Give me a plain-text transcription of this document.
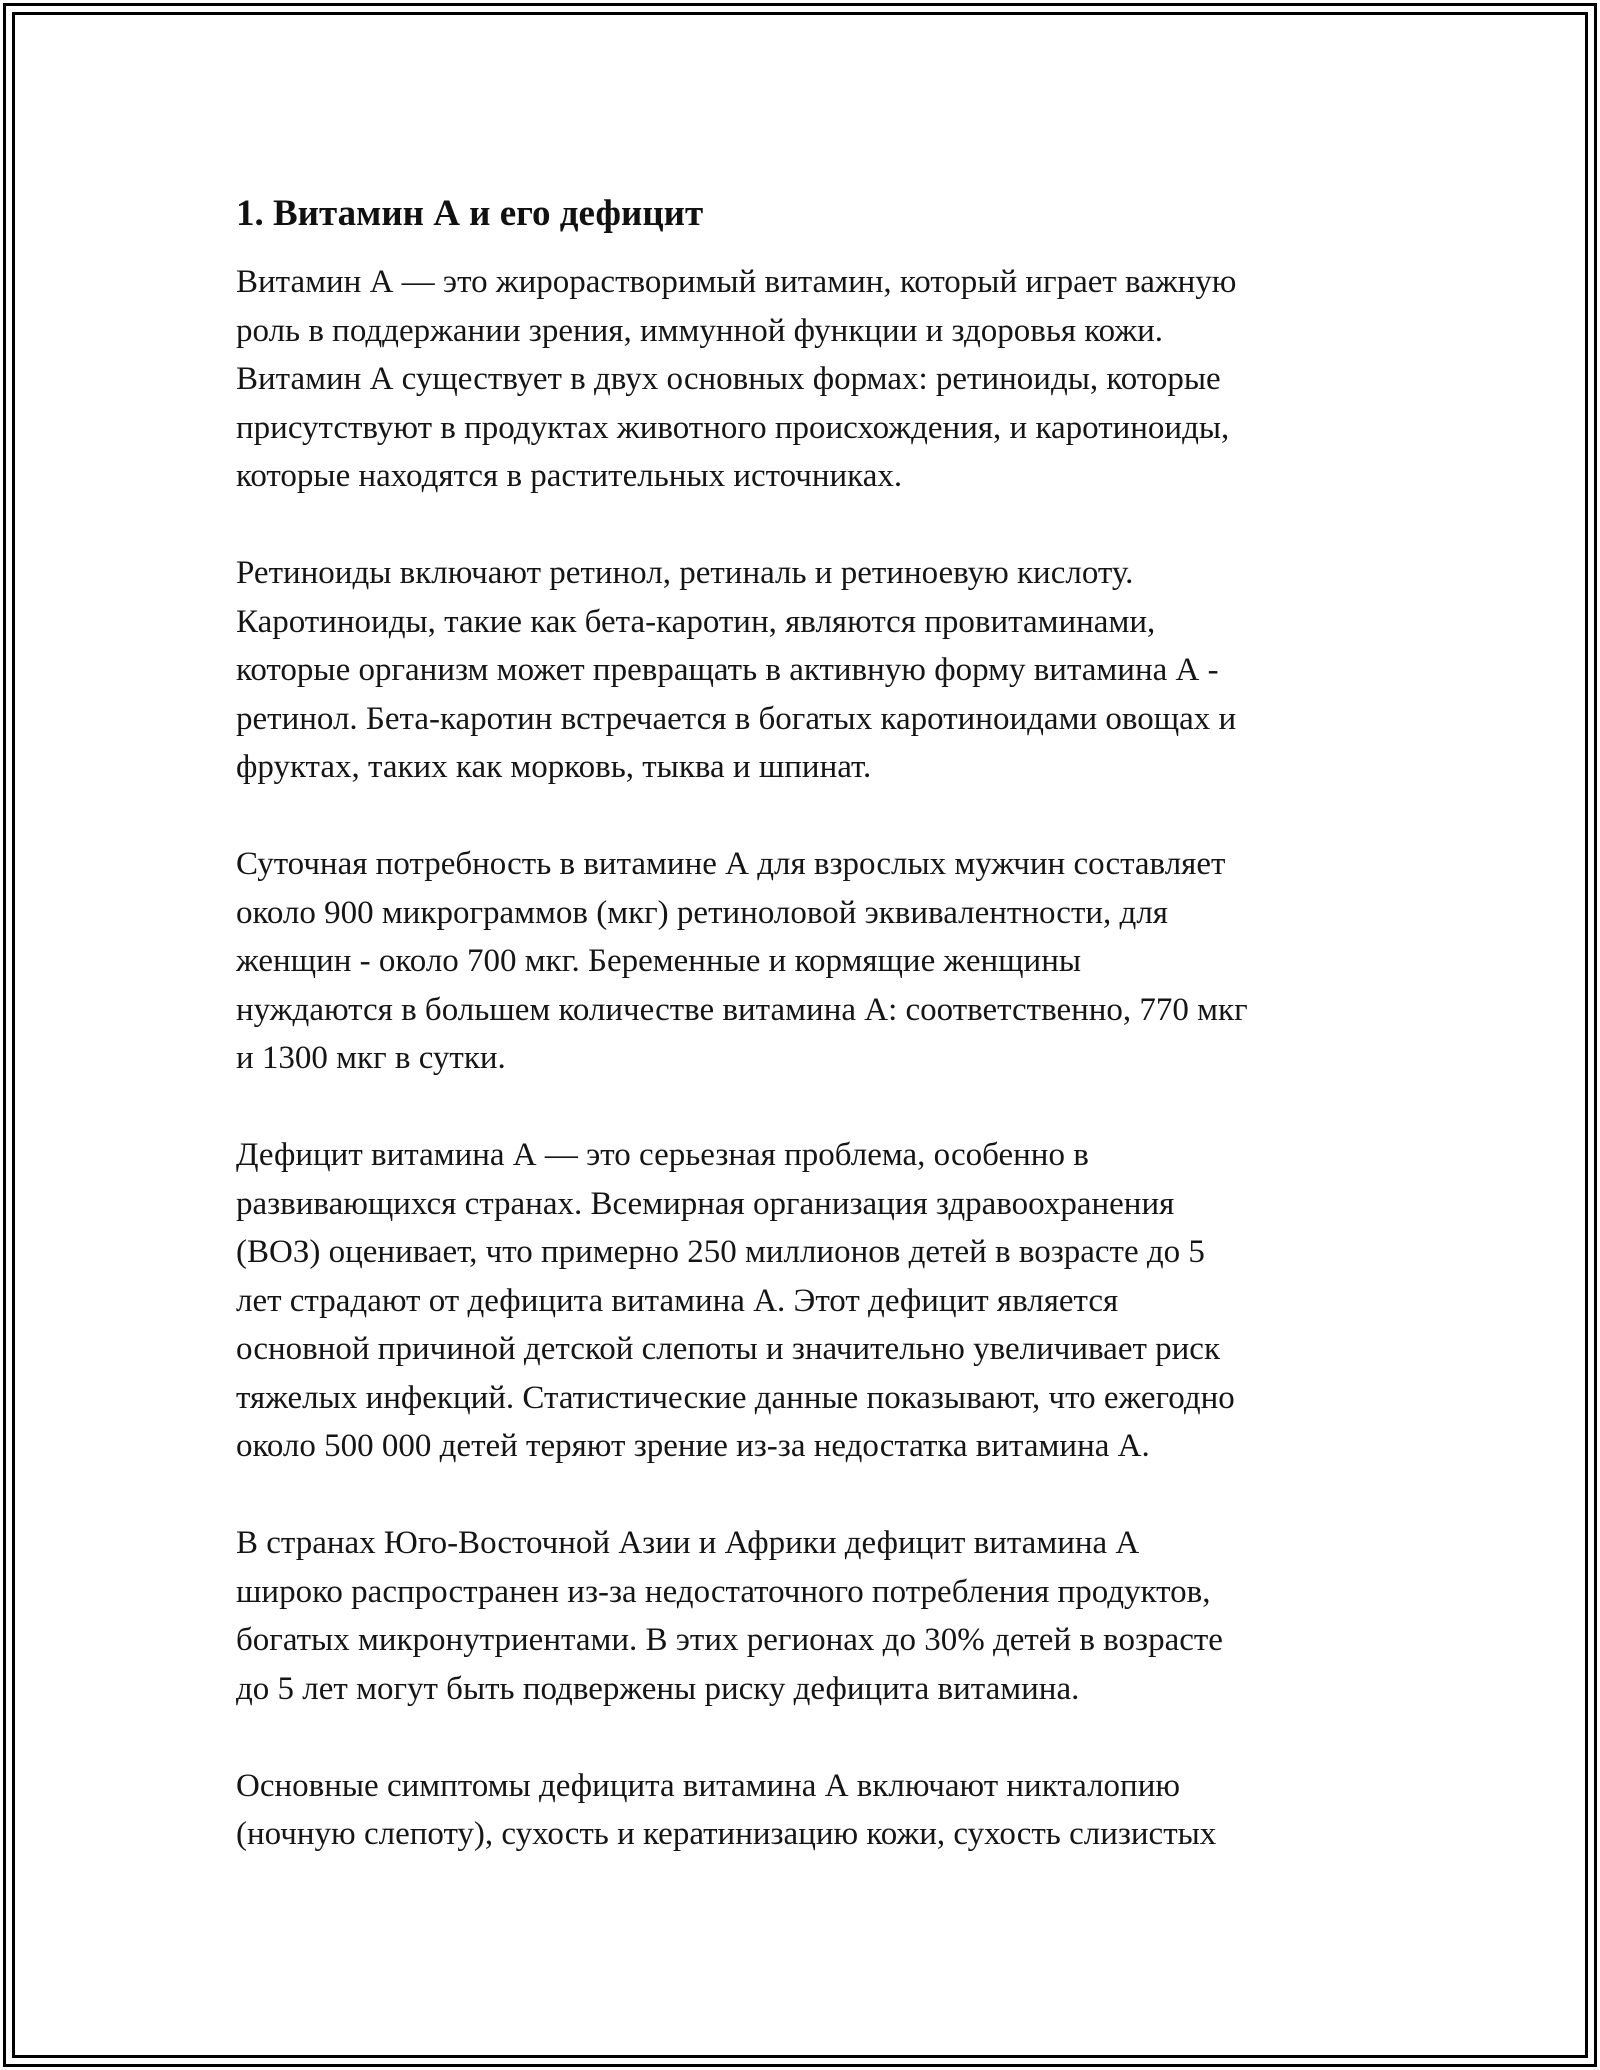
1. Витамин А и его дефицит

Витамин А — это жирорастворимый витамин, который играет важную
роль в поддержании зрения, иммунной функции и здоровья кожи.
Витамин А существует в двух основных формах: ретиноиды, которые
присутствуют в продуктах животного происхождения, и каротиноиды,
которые находятся в растительных источниках.

Ретиноиды включают ретинол, ретиналь и ретиноевую кислоту.
Каротиноиды, такие как бета-каротин, являются провитаминами,
которые организм может превращать в активную форму витамина А -
ретинол. Бета-каротин встречается в богатых каротиноидами овощах и
фруктах, таких как морковь, тыква и шпинат.

Суточная потребность в витамине А для взрослых мужчин составляет
около 900 микрограммов (мкг) ретиноловой эквивалентности, для
женщин - около 700 мкг. Беременные и кормящие женщины
нуждаются в большем количестве витамина А: соответственно, 770 мкг
и 1300 мкг в сутки.

Дефицит витамина А — это серьезная проблема, особенно в
развивающихся странах. Всемирная организация здравоохранения
(ВОЗ) оценивает, что примерно 250 миллионов детей в возрасте до 5
лет страдают от дефицита витамина А. Этот дефицит является
основной причиной детской слепоты и значительно увеличивает риск
тяжелых инфекций. Статистические данные показывают, что ежегодно
около 500 000 детей теряют зрение из-за недостатка витамина А.

В странах Юго-Восточной Азии и Африки дефицит витамина А
широко распространен из-за недостаточного потребления продуктов,
богатых микронутриентами. В этих регионах до 30% детей в возрасте
до 5 лет могут быть подвержены риску дефицита витамина.

Основные симптомы дефицита витамина А включают никталопию
(ночную слепоту), сухость и кератинизацию кожи, сухость слизистых
